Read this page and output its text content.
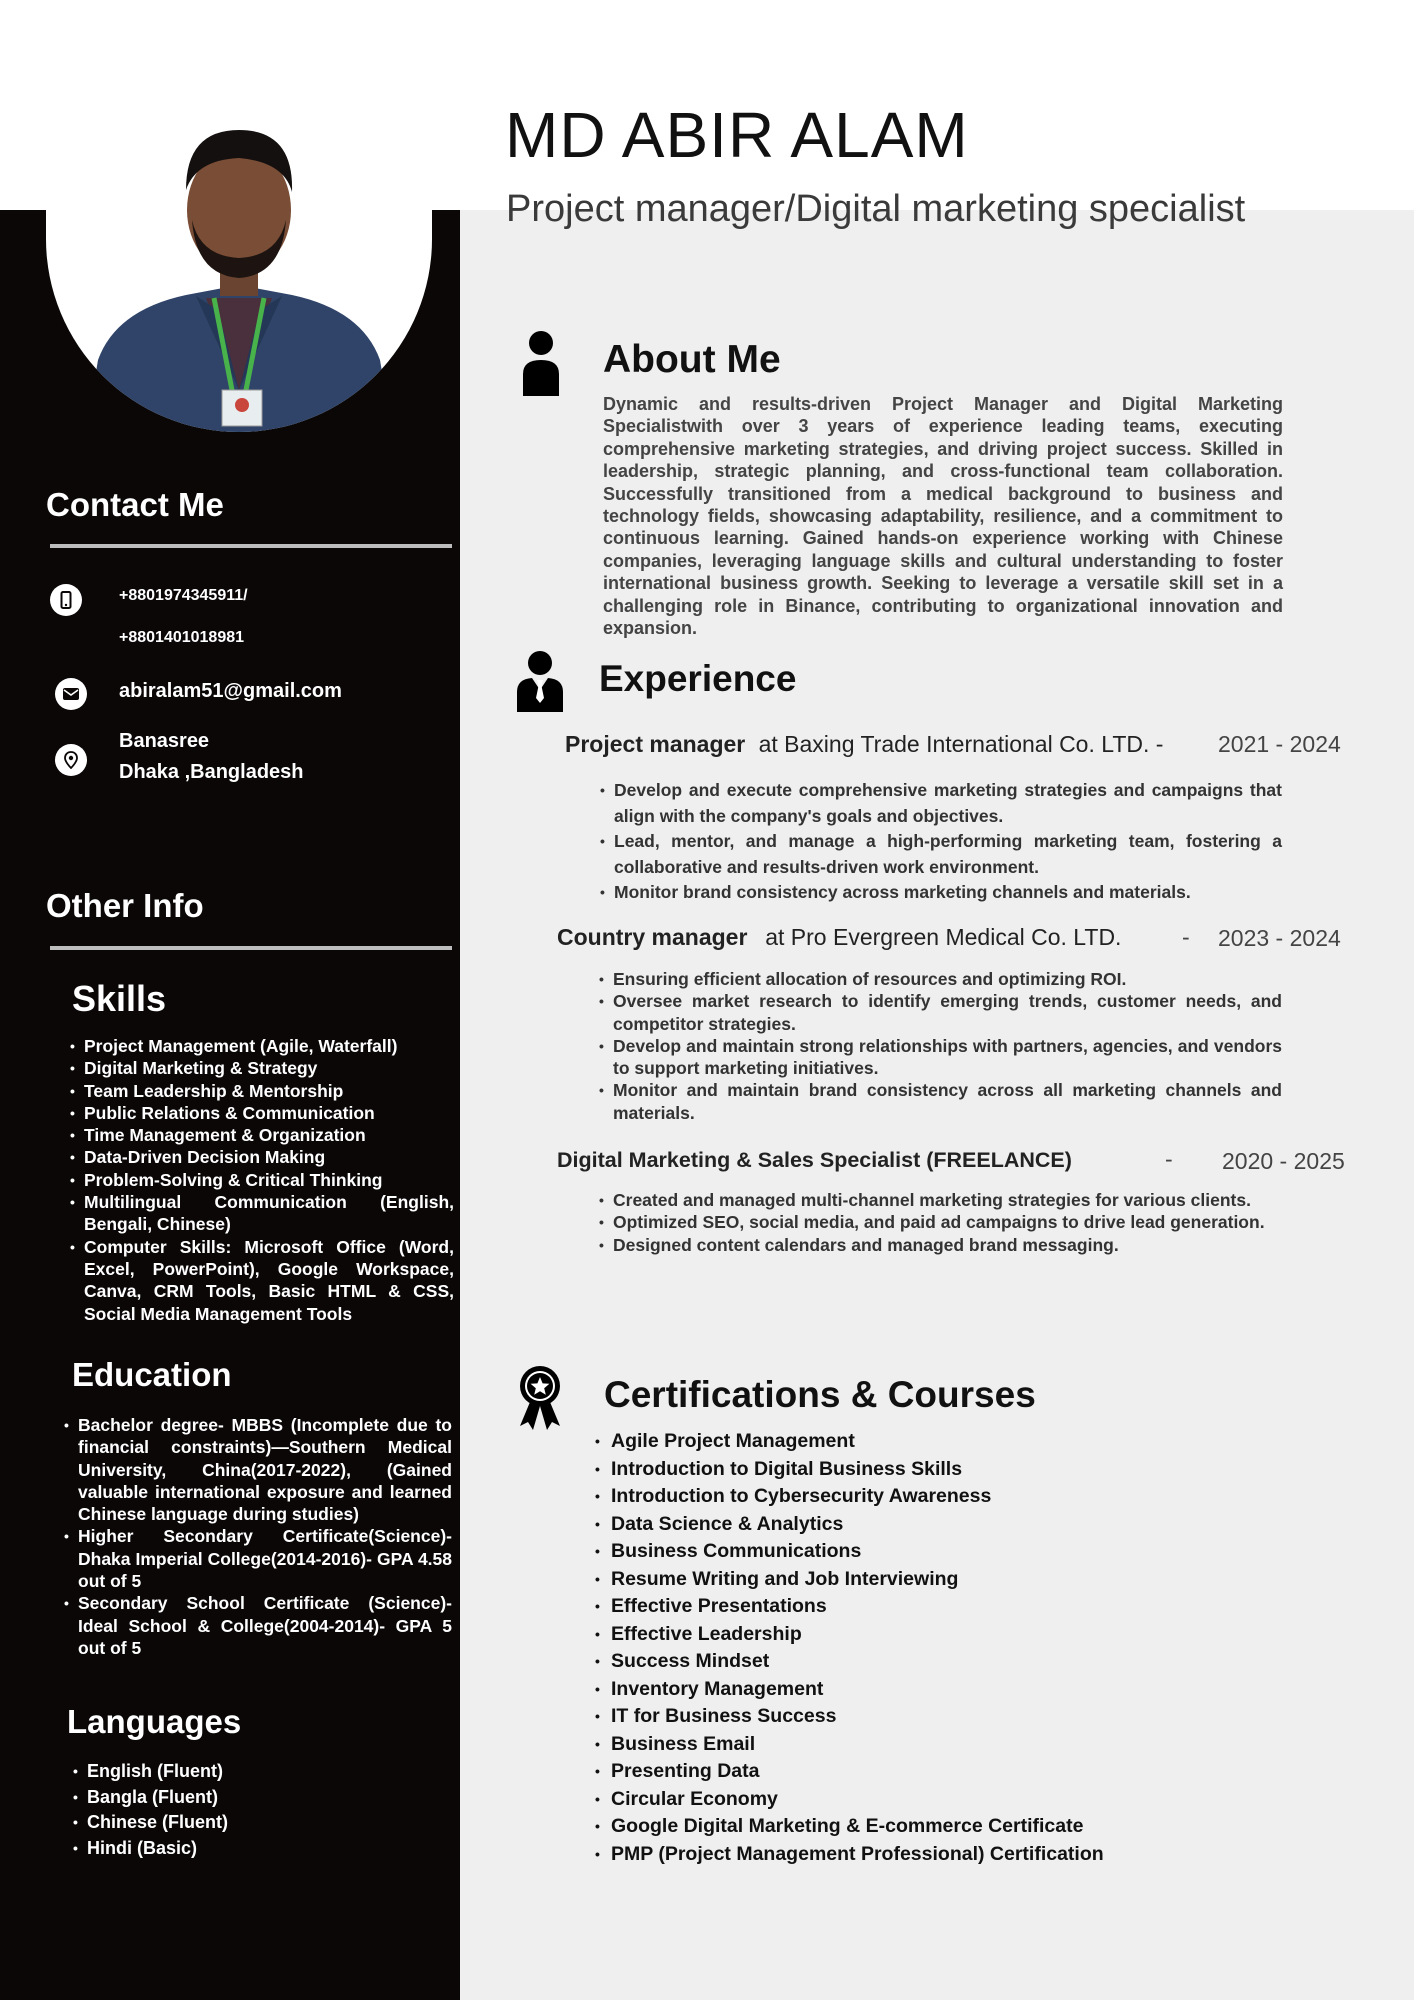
MD ABIR ALAM
Project manager/Digital marketing specialist
Contact Me
+8801974345911/
+8801401018981
abiralam51@gmail.com
Banasree
Dhaka ,Bangladesh
Other Info
Skills
• Project Management (Agile, Waterfall)
• Digital Marketing & Strategy
• Team Leadership & Mentorship
• Public Relations & Communication
• Time Management & Organization
• Data-Driven Decision Making
• Problem-Solving & Critical Thinking
• Multilingual Communication (English, Bengali, Chinese)
• Computer Skills: Microsoft Office (Word, Excel, PowerPoint), Google Workspace, Canva, CRM Tools, Basic HTML & CSS, Social Media Management Tools
Education
• Bachelor degree- MBBS (Incomplete due to financial constraints)—Southern Medical University, China(2017-2022), (Gained valuable international exposure and learned Chinese language during studies)
• Higher Secondary Certificate(Science)- Dhaka Imperial College(2014-2016)- GPA 4.58 out of 5
• Secondary School Certificate (Science)- Ideal School & College(2004-2014)- GPA 5 out of 5
Languages
• English (Fluent)
• Bangla (Fluent)
• Chinese (Fluent)
• Hindi (Basic)
About Me

Dynamic and results-driven Project Manager and Digital Marketing Specialistwith over 3 years of experience leading teams, executing comprehensive marketing strategies, and driving project success. Skilled in leadership, strategic planning, and cross-functional team collaboration. Successfully transitioned from a medical background to business and technology fields, showcasing adaptability, resilience, and a commitment to continuous learning. Gained hands-on experience working with Chinese companies, leveraging language skills and cultural understanding to foster international business growth. Seeking to leverage a versatile skill set in a challenging role in Binance, contributing to organizational innovation and expansion.

Experience
Project manager at Baxing Trade International Co. LTD. - 2021 - 2024
• Develop and execute comprehensive marketing strategies and campaigns that align with the company's goals and objectives.
• Lead, mentor, and manage a high-performing marketing team, fostering a collaborative and results-driven work environment.
• Monitor brand consistency across marketing channels and materials.
Country manager at Pro Evergreen Medical Co. LTD.	- 2023 - 2024
• Ensuring efficient allocation of resources and optimizing ROI.
• Oversee market research to identify emerging trends, customer needs, and competitor strategies.
• Develop and maintain strong relationships with partners, agencies, and vendors to support marketing initiatives.
• Monitor and maintain brand consistency across all marketing channels and materials.
Digital Marketing & Sales Specialist (FREELANCE)	- 2020 - 2025
• Created and managed multi-channel marketing strategies for various clients.
• Optimized SEO, social media, and paid ad campaigns to drive lead generation.
• Designed content calendars and managed brand messaging.
Certifications & Courses
• Agile Project Management
• Introduction to Digital Business Skills
• Introduction to Cybersecurity Awareness
• Data Science & Analytics
• Business Communications
• Resume Writing and Job Interviewing
• Effective Presentations
• Effective Leadership
• Success Mindset
• Inventory Management
• IT for Business Success
• Business Email
• Presenting Data
• Circular Economy
• Google Digital Marketing & E-commerce Certificate
• PMP (Project Management Professional) Certification
